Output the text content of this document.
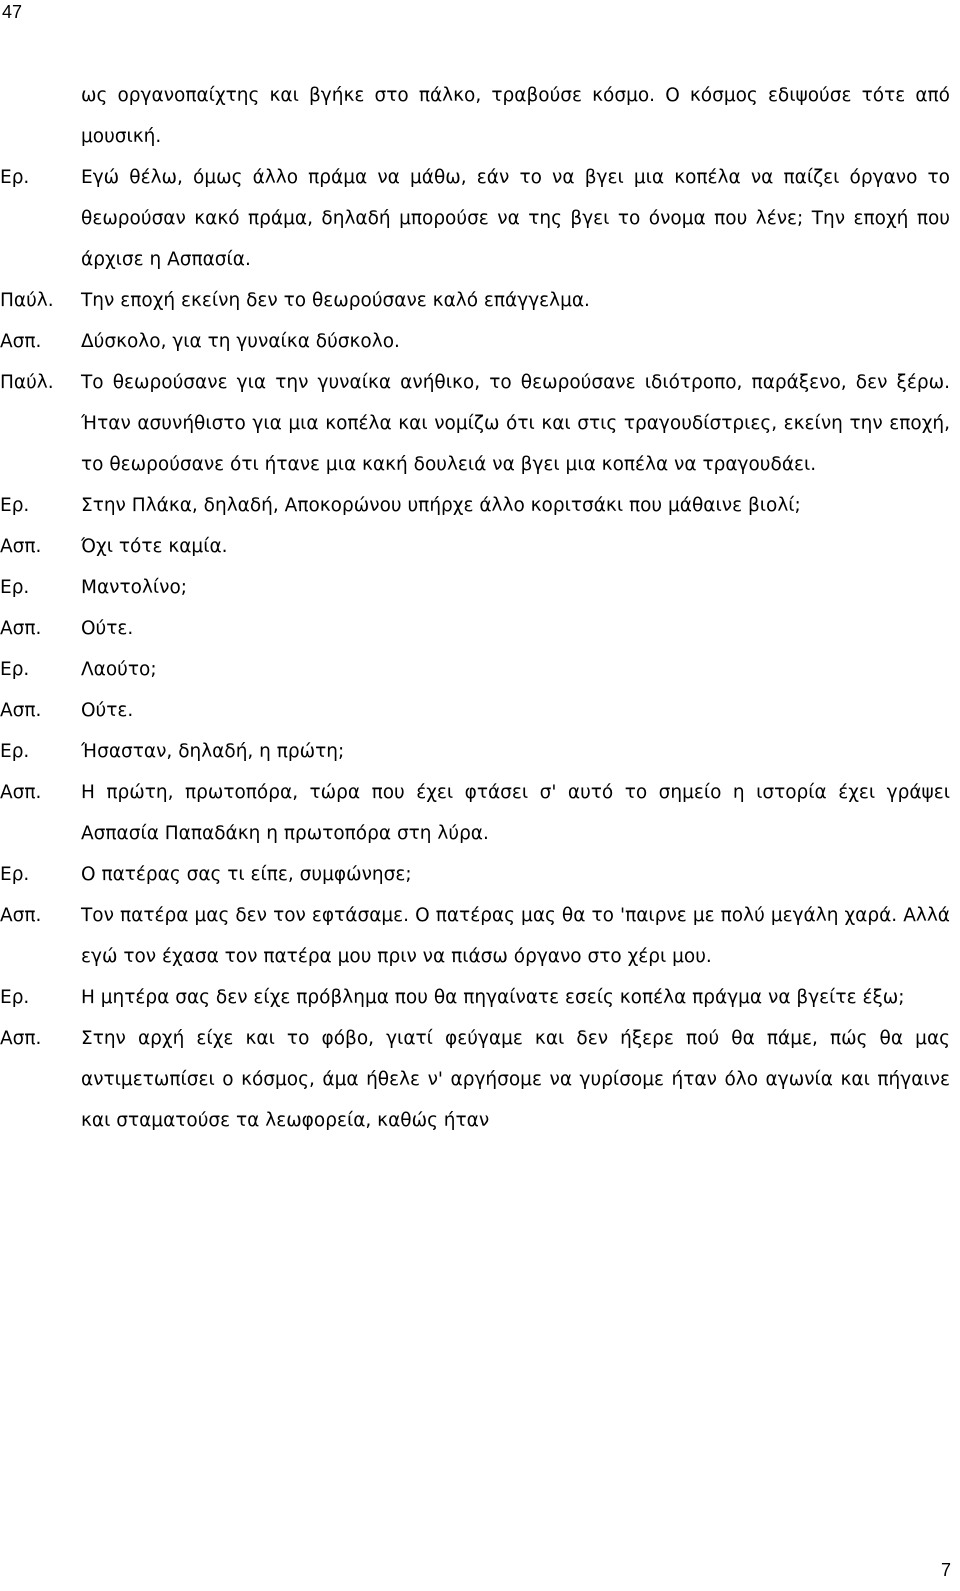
47

ως οργανοπαίχτης και βγήκε στο πάλκο, τραβούσε κόσμο. Ο κόσμος εδιψούσε τότε από μουσική.

Ερ.	Εγώ θέλω, όμως άλλο πράμα να μάθω, εάν το να βγει μια κοπέλα να παίζει όργανο το θεωρούσαν κακό πράμα, δηλαδή μπορούσε να της βγει το όνομα που λένε; Την εποχή που άρχισε η Ασπασία.

Παύλ. Την εποχή εκείνη δεν το θεωρούσανε καλό επάγγελμα.

Ασπ. Δύσκολο, για τη γυναίκα δύσκολο.

Παύλ. Το θεωρούσανε για την γυναίκα ανήθικο, το θεωρούσανε ιδιότροπο, παράξενο, δεν ξέρω. Ήταν ασυνήθιστο για μια κοπέλα και νομίζω ότι και στις τραγουδίστριες, εκείνη την εποχή, το θεωρούσανε ότι ήτανε μια κακή δουλειά να βγει μια κοπέλα να τραγουδάει.

Ερ.	Στην Πλάκα, δηλαδή, Αποκορώνου υπήρχε άλλο κοριτσάκι που μάθαινε βιολί;

Ασπ. Όχι τότε καμία.

Ερ.	Μαντολίνο;

Ασπ. Ούτε.

Ερ.	Λαούτο;

Ασπ. Ούτε.

Ερ.	Ήσασταν, δηλαδή, η πρώτη;

Ασπ. Η πρώτη, πρωτοπόρα, τώρα που έχει φτάσει σ' αυτό το σημείο η ιστορία έχει γράψει Ασπασία Παπαδάκη η πρωτοπόρα στη λύρα.

Ερ.	Ο πατέρας σας τι είπε, συμφώνησε;

Ασπ. Τον πατέρα μας δεν τον εφτάσαμε. Ο πατέρας μας θα το 'παιρνε με πολύ μεγάλη χαρά. Αλλά εγώ τον έχασα τον πατέρα μου πριν να πιάσω όργανο στο χέρι μου.

Ερ.	Η μητέρα σας δεν είχε πρόβλημα που θα πηγαίνατε εσείς κοπέλα πράγμα να βγείτε έξω;

Ασπ. Στην αρχή είχε και το φόβο, γιατί φεύγαμε και δεν ήξερε πού θα πάμε, πώς θα μας αντιμετωπίσει ο κόσμος, άμα ήθελε ν' αργήσομε να γυρίσομε ήταν όλο αγωνία και πήγαινε και σταματούσε τα λεωφορεία, καθώς ήταν

7
